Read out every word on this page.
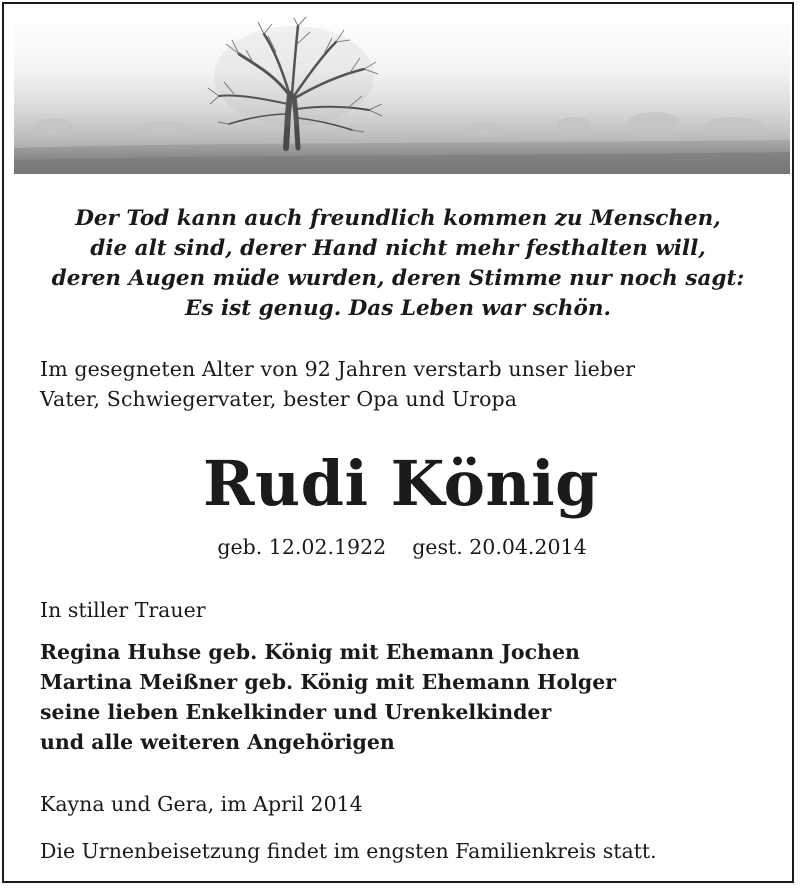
Der Tod kann auch freundlich kommen zu Menschen,
die alt sind, derer Hand nicht mehr festhalten will,
deren Augen müde wurden, deren Stimme nur noch sagt:
Es ist genug. Das Leben war schön.
Im gesegneten Alter von 92 Jahren verstarb unser lieber
Vater, Schwiegervater, bester Opa und Uropa
Rudi König
geb. 12.02.1922 gest. 20.04.2014
In stiller Trauer
Regina Huhse geb. König mit Ehemann Jochen
Martina Meißner geb. König mit Ehemann Holger
seine lieben Enkelkinder und Urenkelkinder
und alle weiteren Angehörigen
Kayna und Gera, im April 2014
Die Urnenbeisetzung findet im engsten Familienkreis statt.
